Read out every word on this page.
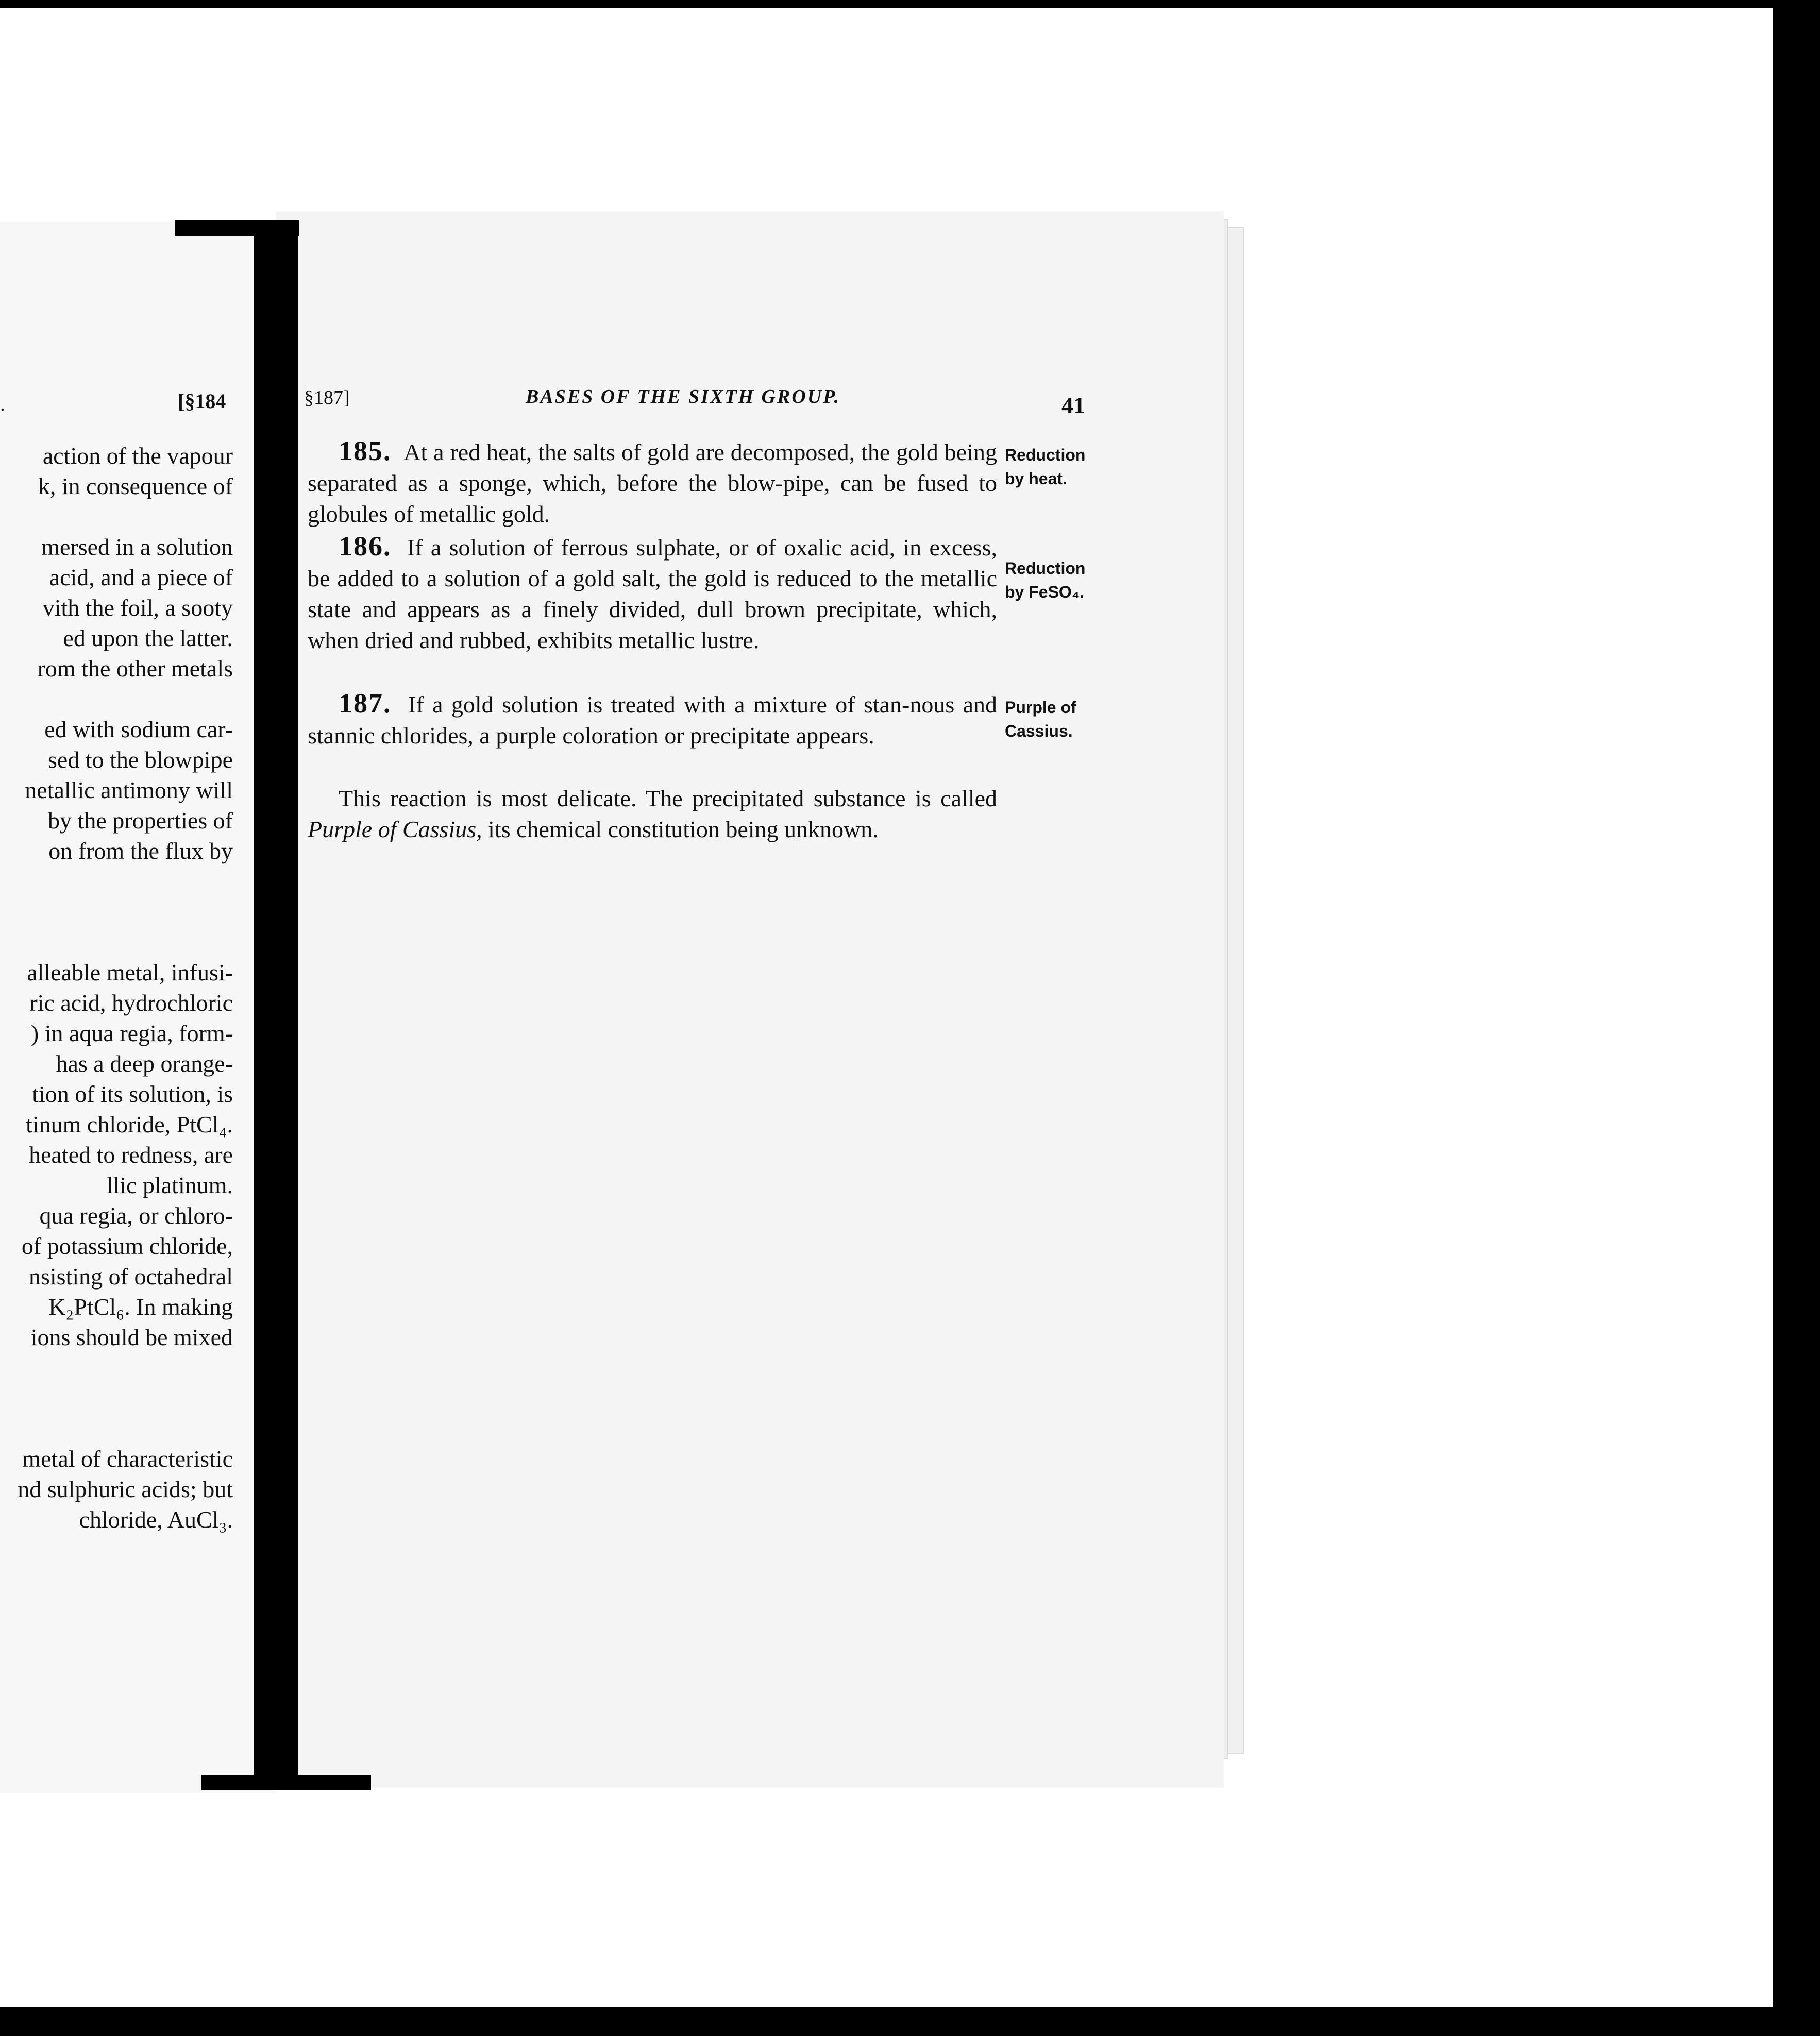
.	[§184
action of the vapour
k, in consequence of
mersed in a solution
acid, and a piece of
vith the foil, a sooty
ed upon the latter.
rom the other metals
ed with sodium car-
sed to the blowpipe
netallic antimony will
by the properties of
on from the flux by
alleable metal, infusi-
ric acid, hydrochloric
) in aqua regia, form-
has a deep orange-
tion of its solution, is
tinum chloride, PtCl₄.
heated to redness, are
llic platinum.
qua regia, or chloro-
of potassium chloride,
nsisting of octahedral
K₂PtCl₆. In making
ions should be mixed
metal of characteristic
nd sulphuric acids; but
chloride, AuCl₃.
§187]	BASES OF THE SIXTH GROUP.	41
185. At a red heat, the salts of gold are decomposed, the gold being separated as a sponge, which, before the blow-pipe, can be fused to globules of metallic gold.
Reduction
by heat.
186. If a solution of ferrous sulphate, or of oxalic acid, in excess, be added to a solution of a gold salt, the gold is reduced to the metallic state and appears as a finely divided, dull brown precipitate, which, when dried and rubbed, exhibits metallic lustre.
Reduction
by FeSO₄.
187. If a gold solution is treated with a mixture of stan-nous and stannic chlorides, a purple coloration or precipitate appears.
Purple of
Cassius.
This reaction is most delicate. The precipitated substance is called Purple of Cassius, its chemical constitution being unknown.
